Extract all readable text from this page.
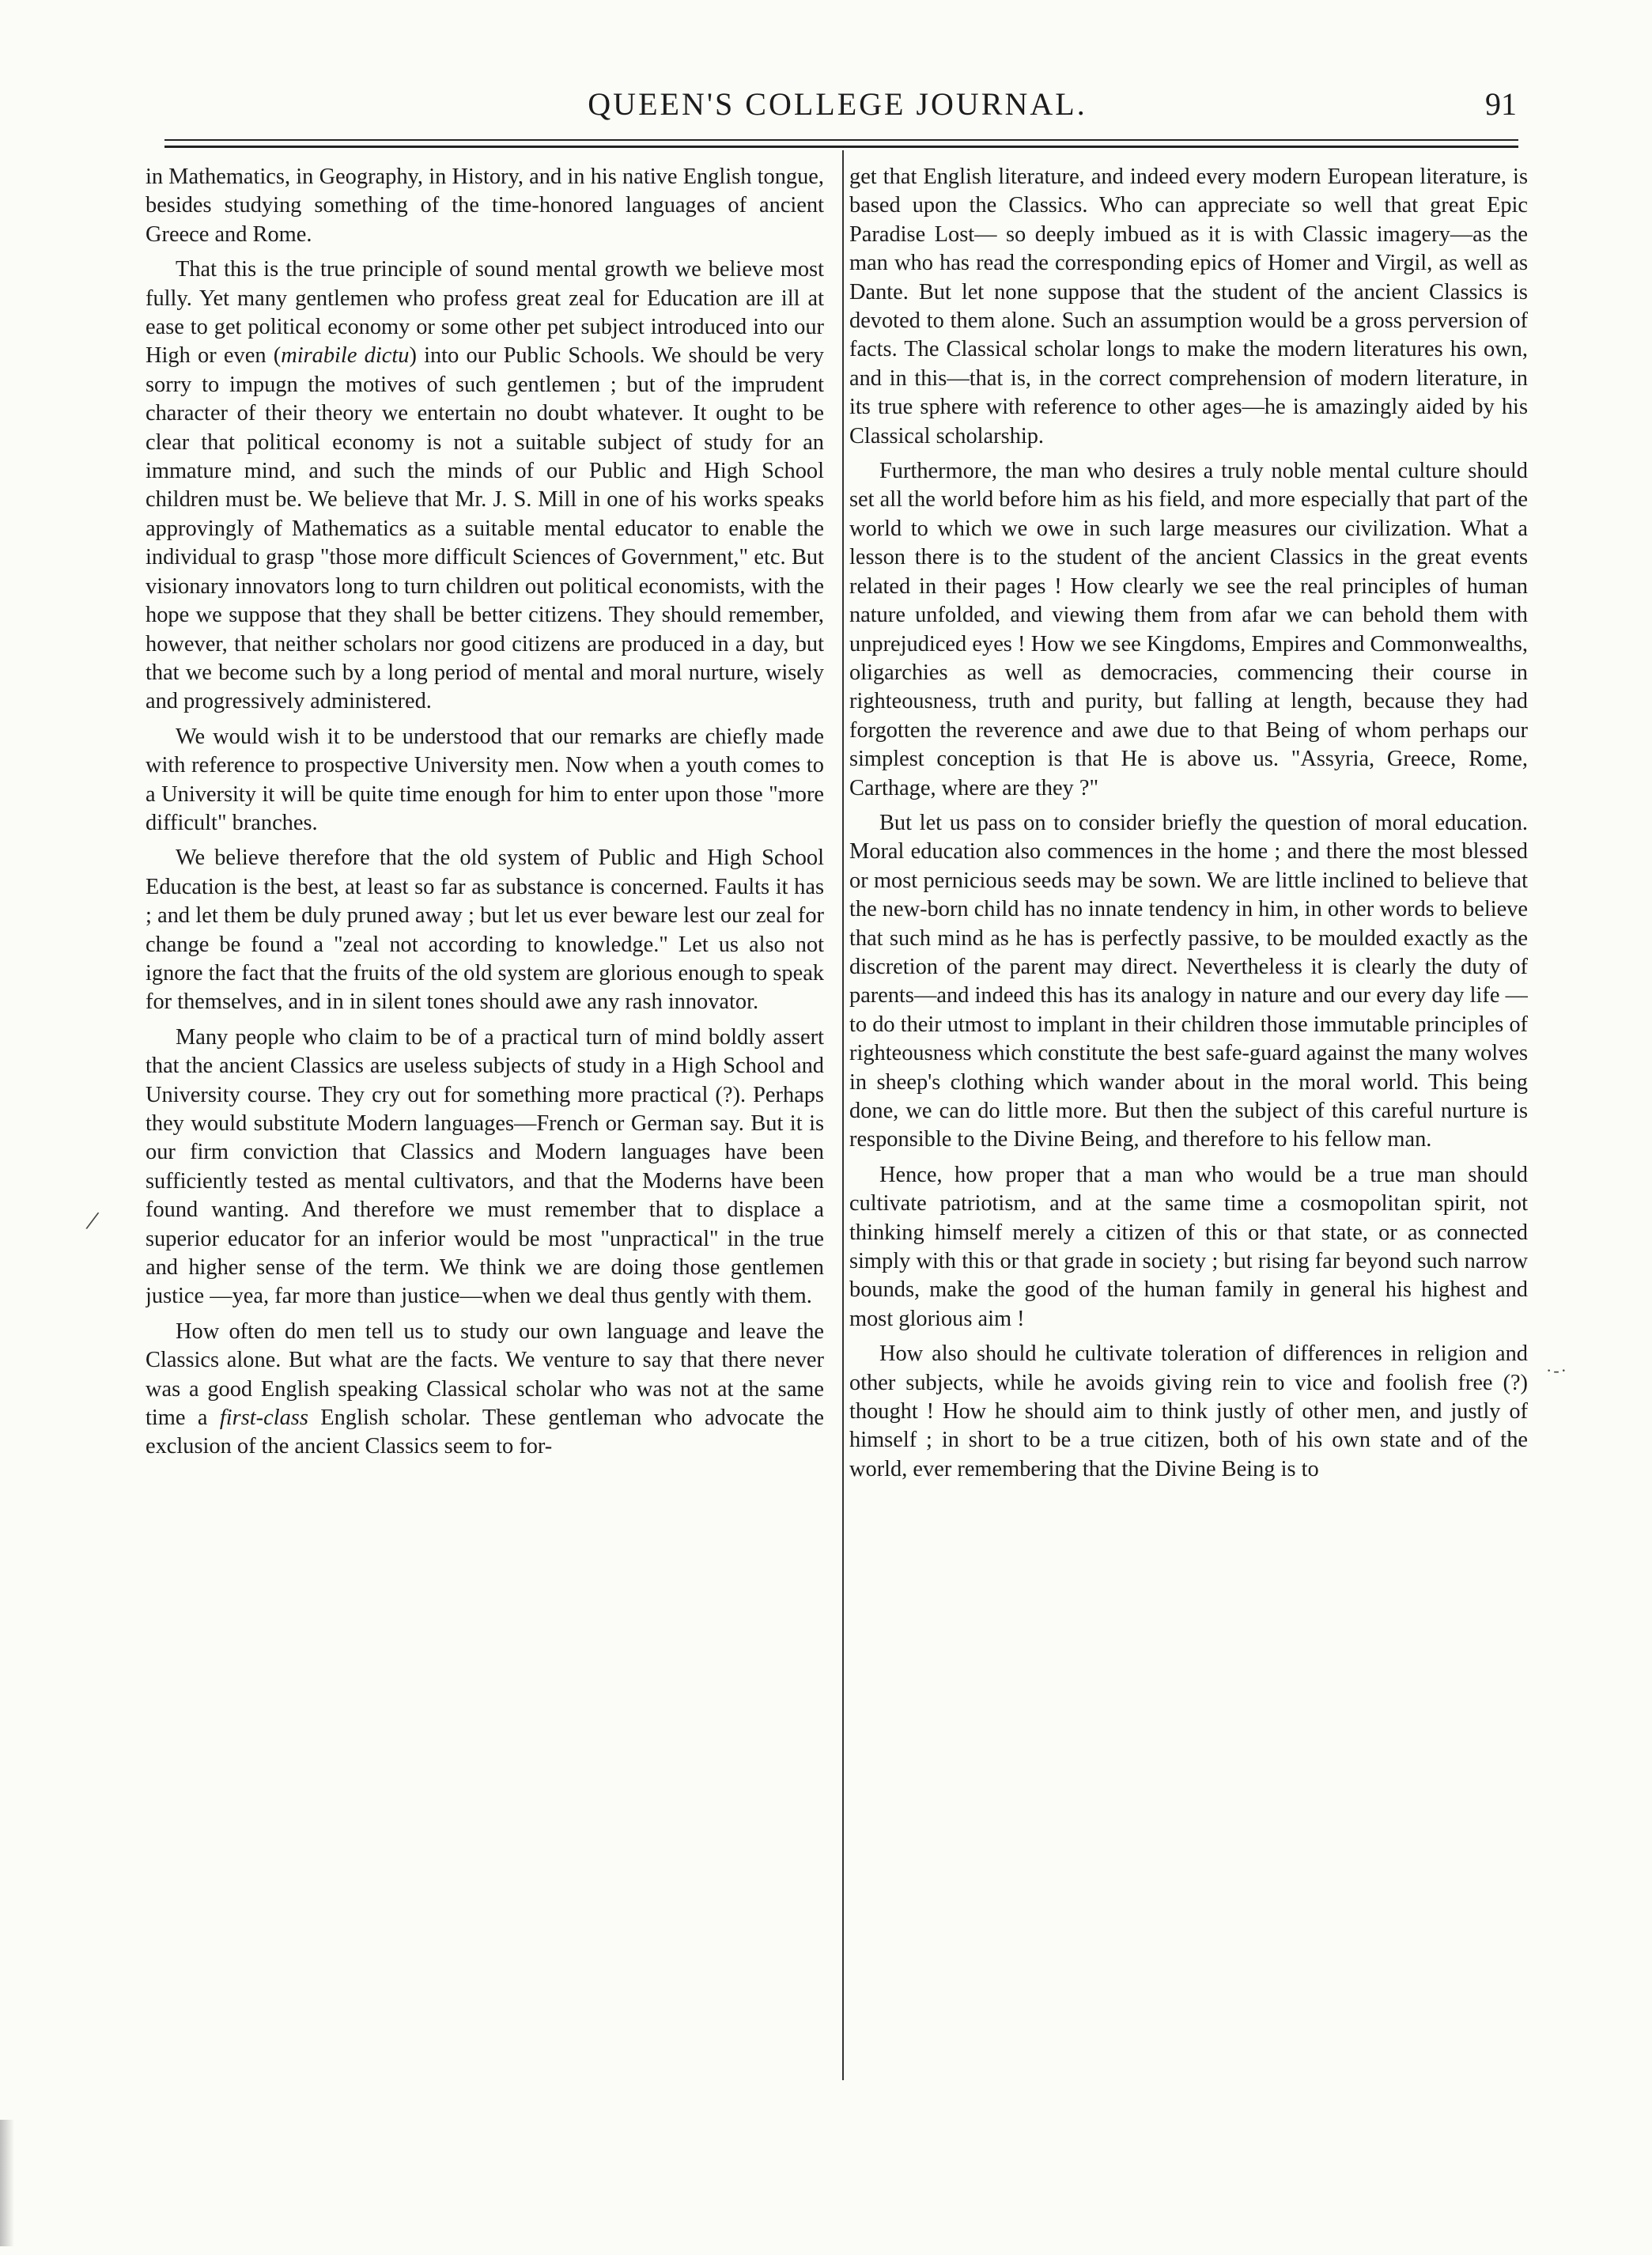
QUEEN'S COLLEGE JOURNAL.	91

in Mathematics, in Geography, in History, and in his native English tongue, besides studying something of the time-honored languages of ancient Greece and Rome.

That this is the true principle of sound mental growth we believe most fully. Yet many gentlemen who profess great zeal for Education are ill at ease to get political economy or some other pet subject introduced into our High or even (mirabile dictu) into our Public Schools. We should be very sorry to impugn the motives of such gentlemen ; but of the imprudent character of their theory we entertain no doubt whatever. It ought to be clear that political economy is not a suitable subject of study for an immature mind, and such the minds of our Public and High School children must be. We believe that Mr. J. S. Mill in one of his works speaks approvingly of Mathematics as a suitable mental educator to enable the individual to grasp "those more difficult Sciences of Government," etc. But visionary innovators long to turn children out political economists, with the hope we suppose that they shall be better citizens. They should remember, however, that neither scholars nor good citizens are produced in a day, but that we become such by a long period of mental and moral nurture, wisely and progressively administered.

We would wish it to be understood that our remarks are chiefly made with reference to prospective University men. Now when a youth comes to a University it will be quite time enough for him to enter upon those "more difficult" branches.

We believe therefore that the old system of Public and High School Education is the best, at least so far as substance is concerned. Faults it has ; and let them be duly pruned away ; but let us ever beware lest our zeal for change be found a "zeal not according to knowledge." Let us also not ignore the fact that the fruits of the old system are glorious enough to speak for themselves, and in in silent tones should awe any rash innovator.

Many people who claim to be of a practical turn of mind boldly assert that the ancient Classics are useless subjects of study in a High School and University course. They cry out for something more practical (?). Perhaps they would substitute Modern languages—French or German say. But it is our firm conviction that Classics and Modern languages have been sufficiently tested as mental cultivators, and that the Moderns have been found wanting. And therefore we must remember that to displace a superior educator for an inferior would be most "unpractical" in the true and higher sense of the term. We think we are doing those gentlemen justice —yea, far more than justice—when we deal thus gently with them.

How often do men tell us to study our own language and leave the Classics alone. But what are the facts. We venture to say that there never was a good English speaking Classical scholar who was not at the same time a first-class English scholar. These gentleman who advocate the exclusion of the ancient Classics seem to for-

get that English literature, and indeed every modern European literature, is based upon the Classics. Who can appreciate so well that great Epic Paradise Lost— so deeply imbued as it is with Classic imagery—as the man who has read the corresponding epics of Homer and Virgil, as well as Dante. But let none suppose that the student of the ancient Classics is devoted to them alone. Such an assumption would be a gross perversion of facts. The Classical scholar longs to make the modern literatures his own, and in this—that is, in the correct comprehension of modern literature, in its true sphere with reference to other ages—he is amazingly aided by his Classical scholarship.

Furthermore, the man who desires a truly noble mental culture should set all the world before him as his field, and more especially that part of the world to which we owe in such large measures our civilization. What a lesson there is to the student of the ancient Classics in the great events related in their pages ! How clearly we see the real principles of human nature unfolded, and viewing them from afar we can behold them with unprejudiced eyes ! How we see Kingdoms, Empires and Commonwealths, oligarchies as well as democracies, commencing their course in righteousness, truth and purity, but falling at length, because they had forgotten the reverence and awe due to that Being of whom perhaps our simplest conception is that He is above us. "Assyria, Greece, Rome, Carthage, where are they ?"

But let us pass on to consider briefly the question of moral education. Moral education also commences in the home ; and there the most blessed or most pernicious seeds may be sown. We are little inclined to believe that the new-born child has no innate tendency in him, in other words to believe that such mind as he has is perfectly passive, to be moulded exactly as the discretion of the parent may direct. Nevertheless it is clearly the duty of parents—and indeed this has its analogy in nature and our every day life —to do their utmost to implant in their children those immutable principles of righteousness which constitute the best safe-guard against the many wolves in sheep's clothing which wander about in the moral world. This being done, we can do little more. But then the subject of this careful nurture is responsible to the Divine Being, and therefore to his fellow man.

Hence, how proper that a man who would be a true man should cultivate patriotism, and at the same time a cosmopolitan spirit, not thinking himself merely a citizen of this or that state, or as connected simply with this or that grade in society ; but rising far beyond such narrow bounds, make the good of the human family in general his highest and most glorious aim !

How also should he cultivate toleration of differences in religion and other subjects, while he avoids giving rein to vice and foolish free (?) thought ! How he should aim to think justly of other men, and justly of himself ; in short to be a true citizen, both of his own state and of the world, ever remembering that the Divine Being is to

/
·-·
